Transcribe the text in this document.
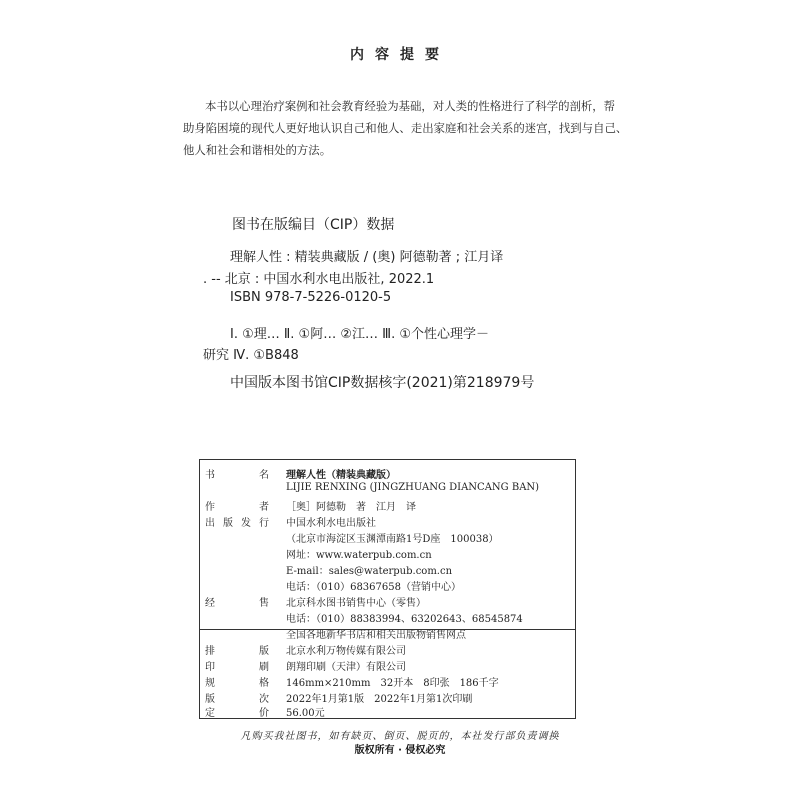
内容提要
本书以心理治疗案例和社会教育经验为基础，对人类的性格进行了科学的剖析，帮
助身陷困境的现代人更好地认识自己和他人、走出家庭和社会关系的迷宫，找到与自己、
他人和社会和谐相处的方法。
图书在版编目（CIP）数据
理解人性 : 精装典藏版 / (奥) 阿德勒著 ; 江月译
. -- 北京 : 中国水利水电出版社, 2022.1
ISBN 978-7-5226-0120-5
Ⅰ. ①理… Ⅱ. ①阿… ②江… Ⅲ. ①个性心理学－
研究 Ⅳ. ①B848
中国版本图书馆CIP数据核字(2021)第218979号
书	名 理解人性（精装典藏版）
LIJIE RENXING (JINGZHUANG DIANCANG BAN)
作	者 ［奥］阿德勒　著　江月　译
出 版 发 行 中国水利水电出版社
（北京市海淀区玉渊潭南路1号D座　100038）
网址：www.waterpub.com.cn
E-mail：sales@waterpub.com.cn
电话：（010）68367658（营销中心）
经	售 北京科水图书销售中心（零售）
电话：（010）88383994、63202643、68545874
全国各地新华书店和相关出版物销售网点
排	版 北京水利万物传媒有限公司
印	刷 朗翔印刷（天津）有限公司
规	格 146mm×210mm　32开本　8印张　186千字
版	次 2022年1月第1版　2022年1月第1次印刷
定	价 56.00元
凡购买我社图书，如有缺页、倒页、脱页的，本社发行部负责调换
版权所有 · 侵权必究
